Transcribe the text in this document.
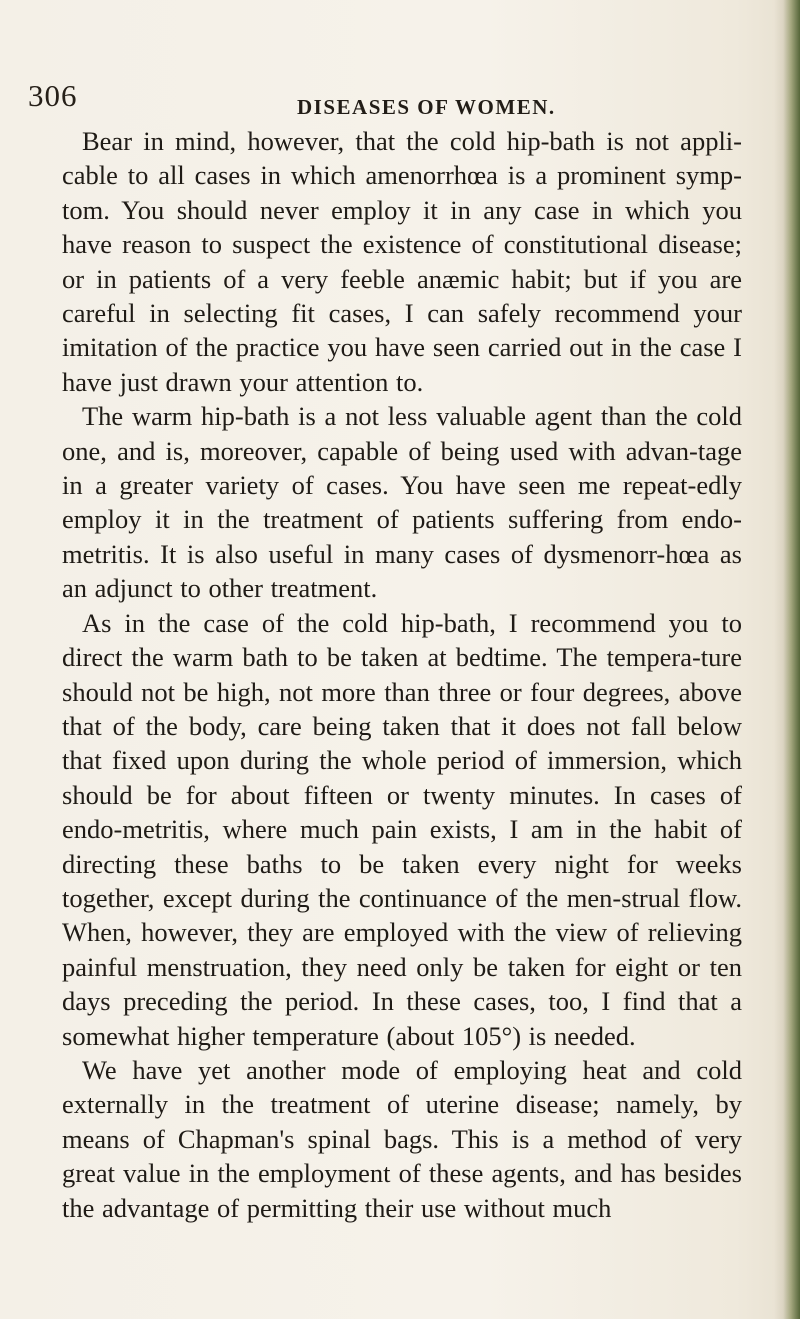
306	DISEASES OF WOMEN.

Bear in mind, however, that the cold hip-bath is not appli-cable to all cases in which amenorrhœa is a prominent symp-tom. You should never employ it in any case in which you have reason to suspect the existence of constitutional disease; or in patients of a very feeble anæmic habit; but if you are careful in selecting fit cases, I can safely recommend your imitation of the practice you have seen carried out in the case I have just drawn your attention to.

The warm hip-bath is a not less valuable agent than the cold one, and is, moreover, capable of being used with advan-tage in a greater variety of cases. You have seen me repeat-edly employ it in the treatment of patients suffering from endo-metritis. It is also useful in many cases of dysmenorr-hœa as an adjunct to other treatment.

As in the case of the cold hip-bath, I recommend you to direct the warm bath to be taken at bedtime. The tempera-ture should not be high, not more than three or four degrees, above that of the body, care being taken that it does not fall below that fixed upon during the whole period of immersion, which should be for about fifteen or twenty minutes. In cases of endo-metritis, where much pain exists, I am in the habit of directing these baths to be taken every night for weeks together, except during the continuance of the men-strual flow. When, however, they are employed with the view of relieving painful menstruation, they need only be taken for eight or ten days preceding the period. In these cases, too, I find that a somewhat higher temperature (about 105°) is needed.

We have yet another mode of employing heat and cold externally in the treatment of uterine disease; namely, by means of Chapman's spinal bags. This is a method of very great value in the employment of these agents, and has besides the advantage of permitting their use without much
